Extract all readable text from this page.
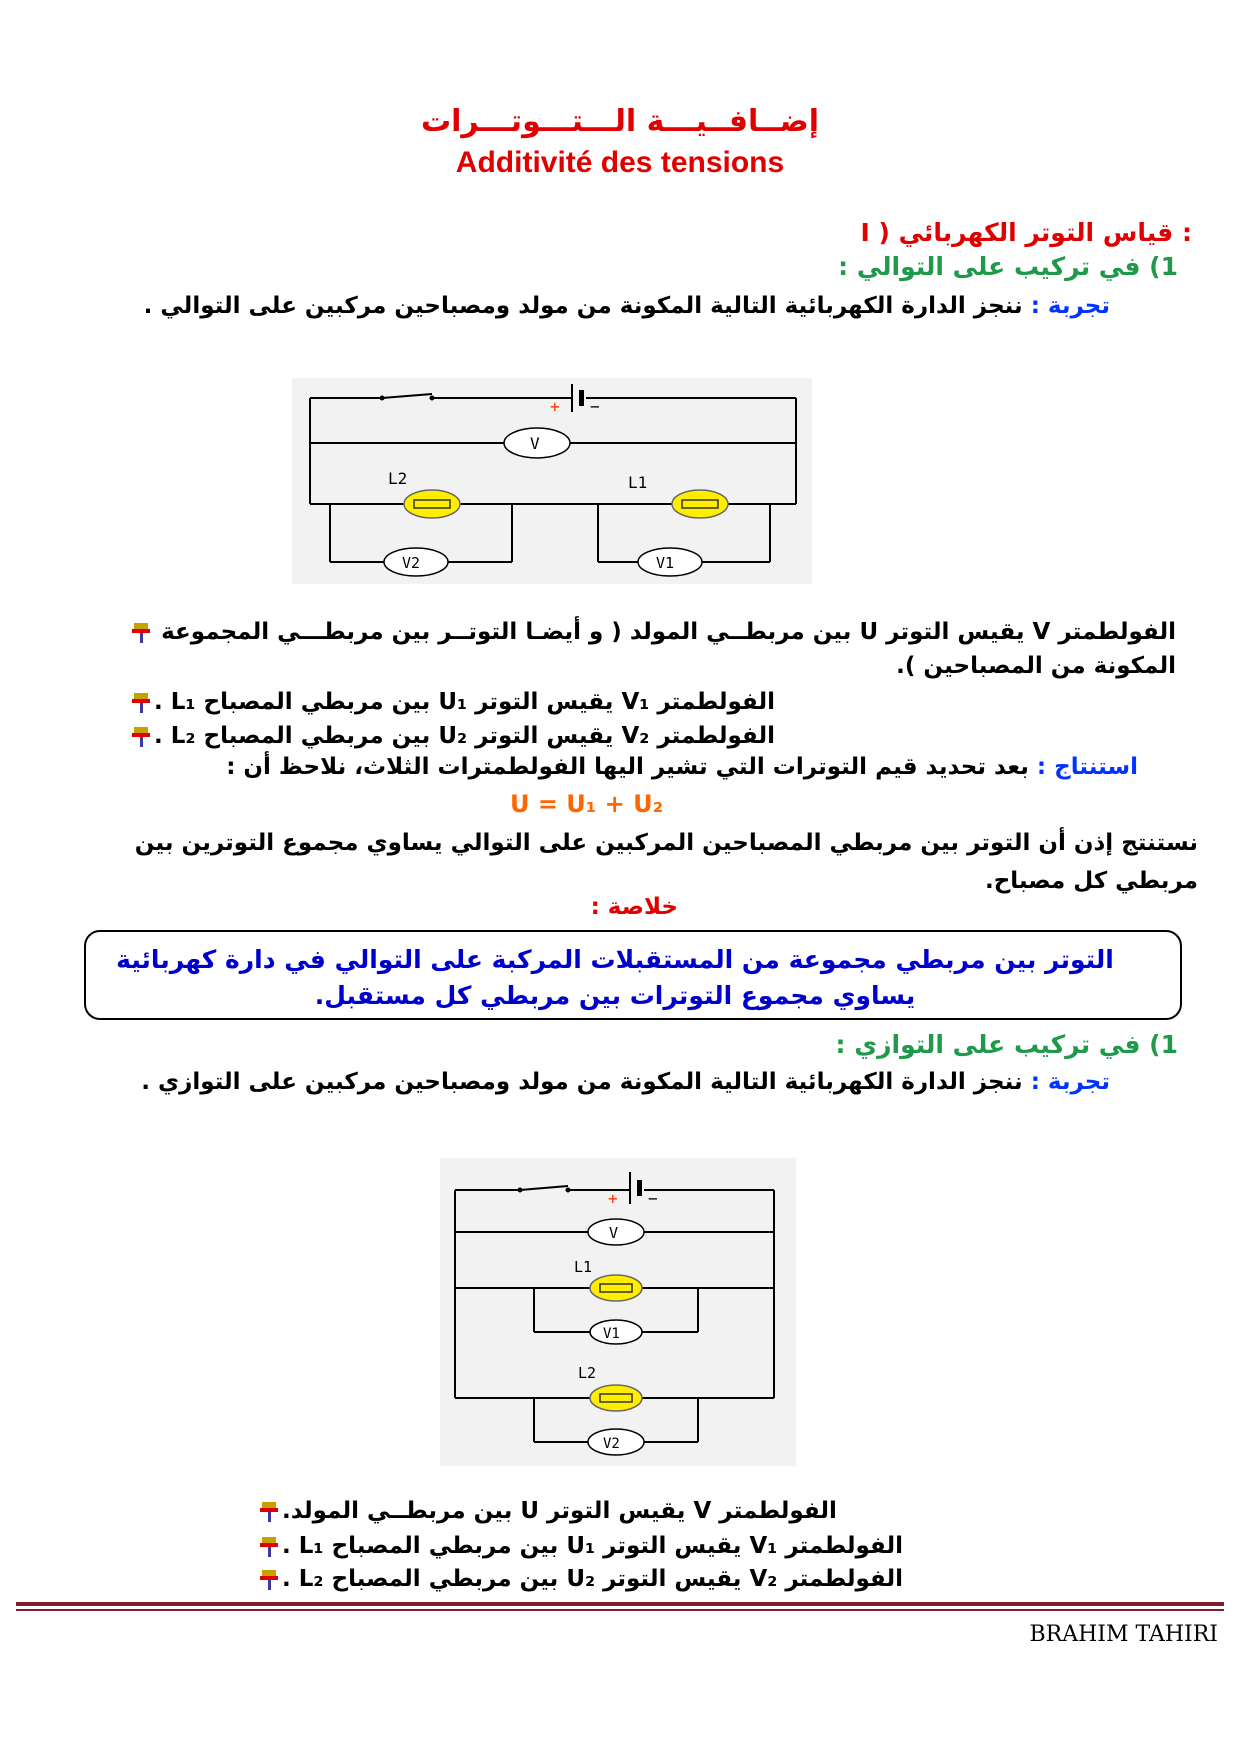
إضــافــيـــة الـــتـــوتـــرات
Additivité des tensions
I ) قياس التوتر الكهربائي :
1) في تركيب على التوالي :
تجربة : ننجز الدارة الكهربائية التالية المكونة من مولد ومصباحين مركبين على التوالي .
+ −
V
L2	L1
V2	V1
الفولطمتر V يقيس التوتر U بين مربطــي المولد ( و أيضـا التوتــر بين مربطـــي المجموعة المكونة من المصباحين ).
الفولطمتر V₁ يقيس التوتر U₁ بين مربطي المصباح L₁ .
الفولطمتر V₂ يقيس التوتر U₂ بين مربطي المصباح L₂ .
استنتاج : بعد تحديد قيم التوترات التي تشير اليها الفولطمترات الثلاث، نلاحظ أن :
U = U₁ + U₂
نستنتج إذن أن التوتر بين مربطي المصباحين المركبين على التوالي يساوي مجموع التوترين بين مربطي كل مصباح.
خلاصة :
التوتر بين مربطي مجموعة من المستقبلات المركبة على التوالي في دارة كهربائية يساوي مجموع التوترات بين مربطي كل مستقبل.
1) في تركيب على التوازي :
تجربة : ننجز الدارة الكهربائية التالية المكونة من مولد ومصباحين مركبين على التوازي .
+ −
V
L1
V1
L2
V2
الفولطمتر V يقيس التوتر U بين مربطــي المولد.
الفولطمتر V₁ يقيس التوتر U₁ بين مربطي المصباح L₁ .
الفولطمتر V₂ يقيس التوتر U₂ بين مربطي المصباح L₂ .
BRAHIM TAHIRI
